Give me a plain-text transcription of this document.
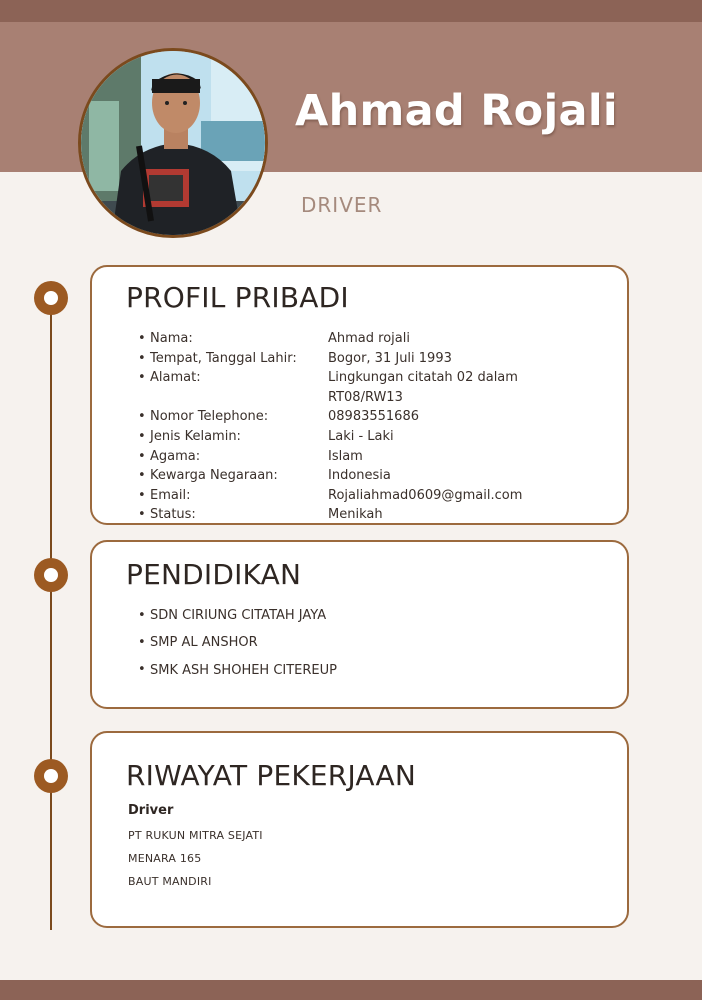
Ahmad Rojali
DRIVER
PROFIL PRIBADI
• Nama:	Ahmad rojali
• Tempat, Tanggal Lahir: Bogor, 31 Juli 1993
• Alamat:	Lingkungan citatah 02 dalam RT08/RW13
• Nomor Telephone:	08983551686
• Jenis Kelamin:	Laki - Laki
• Agama:	Islam
• Kewarga Negaraan:	Indonesia
• Email:	Rojaliahmad0609@gmail.com
• Status:	Menikah
PENDIDIKAN
• SDN CIRIUNG CITATAH JAYA
• SMP AL ANSHOR
• SMK ASH SHOHEH CITEREUP
RIWAYAT PEKERJAAN
Driver
PT RUKUN MITRA SEJATI
MENARA 165
BAUT MANDIRI
